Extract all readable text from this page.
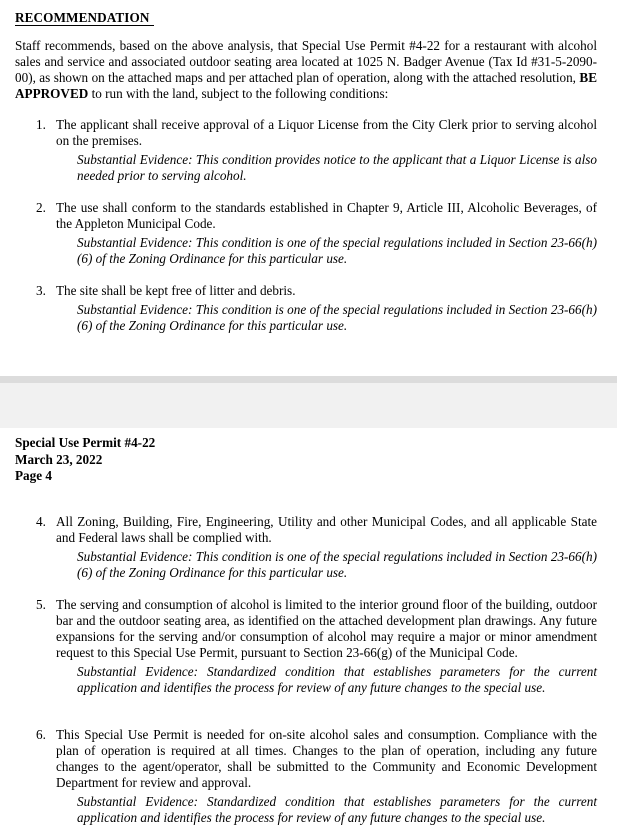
RECOMMENDATION
Staff recommends, based on the above analysis, that Special Use Permit #4-22 for a restaurant with alcohol sales and service and associated outdoor seating area located at 1025 N. Badger Avenue (Tax Id #31-5-2090-00), as shown on the attached maps and per attached plan of operation, along with the attached resolution, BE APPROVED to run with the land, subject to the following conditions:
1. The applicant shall receive approval of a Liquor License from the City Clerk prior to serving alcohol on the premises.
Substantial Evidence: This condition provides notice to the applicant that a Liquor License is also needed prior to serving alcohol.
2. The use shall conform to the standards established in Chapter 9, Article III, Alcoholic Beverages, of the Appleton Municipal Code.
Substantial Evidence: This condition is one of the special regulations included in Section 23-66(h)(6) of the Zoning Ordinance for this particular use.
3. The site shall be kept free of litter and debris.
Substantial Evidence: This condition is one of the special regulations included in Section 23-66(h)(6) of the Zoning Ordinance for this particular use.
Special Use Permit #4-22
March 23, 2022
Page 4
4. All Zoning, Building, Fire, Engineering, Utility and other Municipal Codes, and all applicable State and Federal laws shall be complied with.
Substantial Evidence: This condition is one of the special regulations included in Section 23-66(h)(6) of the Zoning Ordinance for this particular use.
5. The serving and consumption of alcohol is limited to the interior ground floor of the building, outdoor bar and the outdoor seating area, as identified on the attached development plan drawings. Any future expansions for the serving and/or consumption of alcohol may require a major or minor amendment request to this Special Use Permit, pursuant to Section 23-66(g) of the Municipal Code.
Substantial Evidence: Standardized condition that establishes parameters for the current application and identifies the process for review of any future changes to the special use.
6. This Special Use Permit is needed for on-site alcohol sales and consumption. Compliance with the plan of operation is required at all times. Changes to the plan of operation, including any future changes to the agent/operator, shall be submitted to the Community and Economic Development Department for review and approval.
Substantial Evidence: Standardized condition that establishes parameters for the current application and identifies the process for review of any future changes to the special use.
